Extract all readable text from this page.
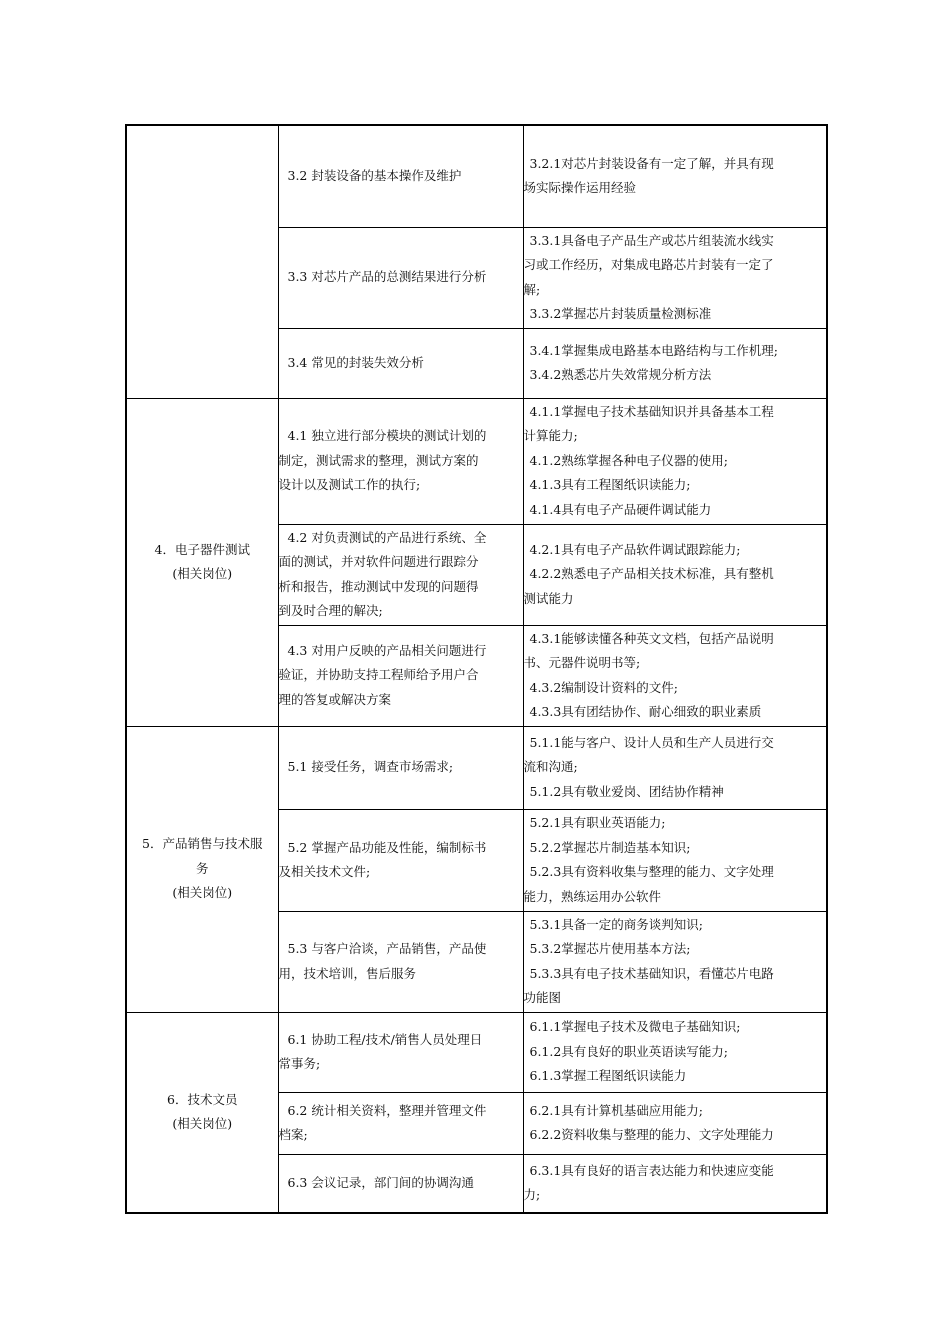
	3.2 封装设备的基本操作及维护	3.2.1对芯片封装设备有一定了解，并具有现
场实际操作运用经验

	3.3 对芯片产品的总测结果进行分析	3.3.1具备电子产品生产或芯片组装流水线实
习或工作经历，对集成电路芯片封装有一定了
解;
3.3.2掌握芯片封装质量检测标准

	3.4 常见的封装失效分析	3.4.1掌握集成电路基本电路结构与工作机理;
3.4.2熟悉芯片失效常规分析方法

4．电子器件测试
(相关岗位)	4.1 独立进行部分模块的测试计划的
制定，测试需求的整理，测试方案的
设计以及测试工作的执行;	4.1.1掌握电子技术基础知识并具备基本工程
计算能力;
4.1.2熟练掌握各种电子仪器的使用;
4.1.3具有工程图纸识读能力;
4.1.4具有电子产品硬件调试能力

	4.2 对负责测试的产品进行系统、全
面的测试，并对软件问题进行跟踪分
析和报告，推动测试中发现的问题得
到及时合理的解决;	4.2.1具有电子产品软件调试跟踪能力;
4.2.2熟悉电子产品相关技术标准，具有整机
测试能力

	4.3 对用户反映的产品相关问题进行
验证，并协助支持工程师给予用户合
理的答复或解决方案	4.3.1能够读懂各种英文文档，包括产品说明
书、元器件说明书等;
4.3.2编制设计资料的文件;
4.3.3具有团结协作、耐心细致的职业素质

5．产品销售与技术服
务
(相关岗位)	5.1 接受任务，调查市场需求;	5.1.1能与客户、设计人员和生产人员进行交
流和沟通;
5.1.2具有敬业爱岗、团结协作精神

	5.2 掌握产品功能及性能，编制标书
及相关技术文件;	5.2.1具有职业英语能力;
5.2.2掌握芯片制造基本知识;
5.2.3具有资料收集与整理的能力、文字处理
能力，熟练运用办公软件

	5.3 与客户洽谈，产品销售，产品使
用，技术培训，售后服务	5.3.1具备一定的商务谈判知识;
5.3.2掌握芯片使用基本方法;
5.3.3具有电子技术基础知识，看懂芯片电路
功能图

6．技术文员
(相关岗位)	6.1 协助工程/技术/销售人员处理日
常事务;	6.1.1掌握电子技术及微电子基础知识;
6.1.2具有良好的职业英语读写能力;
6.1.3掌握工程图纸识读能力

	6.2 统计相关资料，整理并管理文件
档案;	6.2.1具有计算机基础应用能力;
6.2.2资料收集与整理的能力、文字处理能力

	6.3 会议记录，部门间的协调沟通	6.3.1具有良好的语言表达能力和快速应变能
力;
